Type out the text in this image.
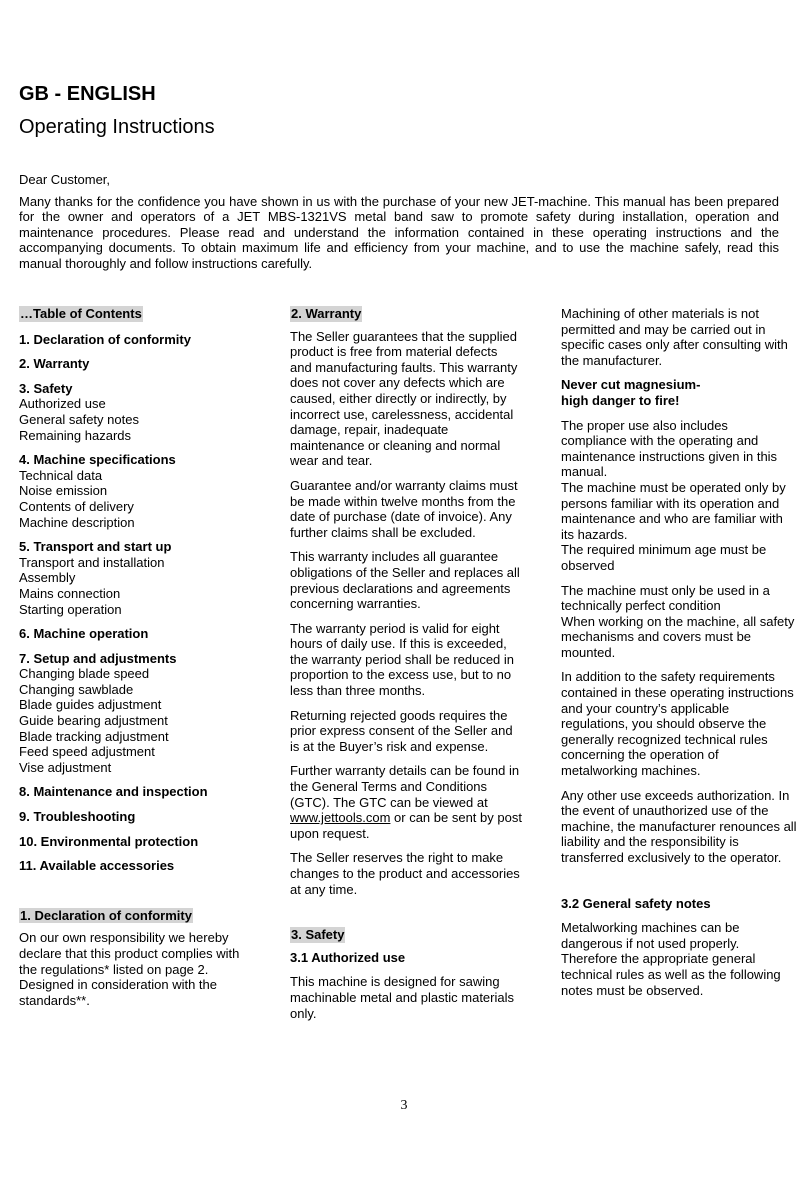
GB - ENGLISH
Operating Instructions

Dear Customer,

Many thanks for the confidence you have shown in us with the purchase of your new JET-machine. This manual has been prepared for the owner and operators of a JET MBS-1321VS metal band saw to promote safety during installation, operation and maintenance procedures. Please read and understand the information contained in these operating instructions and the accompanying documents. To obtain maximum life and efficiency from your machine, and to use the machine safely, read this manual thoroughly and follow instructions carefully.

…Table of Contents
1. Declaration of conformity
2. Warranty
3. Safety
Authorized use
General safety notes
Remaining hazards
4. Machine specifications
Technical data
Noise emission
Contents of delivery
Machine description
5. Transport and start up
Transport and installation
Assembly
Mains connection
Starting operation
6. Machine operation
7. Setup and adjustments
Changing blade speed
Changing sawblade
Blade guides adjustment
Guide bearing adjustment
Blade tracking adjustment
Feed speed adjustment
Vise adjustment
8. Maintenance and inspection
9. Troubleshooting
10. Environmental protection
11. Available accessories
1. Declaration of conformity

On our own responsibility we hereby declare that this product complies with the regulations* listed on page 2. Designed in consideration with the standards**.

2. Warranty

The Seller guarantees that the supplied product is free from material defects and manufacturing faults. This warranty does not cover any defects which are caused, either directly or indirectly, by incorrect use, carelessness, accidental damage, repair, inadequate maintenance or cleaning and normal wear and tear.

Guarantee and/or warranty claims must be made within twelve months from the date of purchase (date of invoice). Any further claims shall be excluded.

This warranty includes all guarantee obligations of the Seller and replaces all previous declarations and agreements concerning warranties.

The warranty period is valid for eight hours of daily use. If this is exceeded, the warranty period shall be reduced in proportion to the excess use, but to no less than three months.

Returning rejected goods requires the prior express consent of the Seller and is at the Buyer’s risk and expense.

Further warranty details can be found in the General Terms and Conditions (GTC). The GTC can be viewed at www.jettools.com or can be sent by post upon request.

The Seller reserves the right to make changes to the product and accessories at any time.

3. Safety

3.1 Authorized use

This machine is designed for sawing machinable metal and plastic materials only.

Machining of other materials is not permitted and may be carried out in specific cases only after consulting with the manufacturer.

Never cut magnesium-
high danger to fire!

The proper use also includes compliance with the operating and maintenance instructions given in this manual.
The machine must be operated only by persons familiar with its operation and maintenance and who are familiar with its hazards.
The required minimum age must be observed

The machine must only be used in a technically perfect condition
When working on the machine, all safety mechanisms and covers must be mounted.

In addition to the safety requirements contained in these operating instructions and your country’s applicable regulations, you should observe the generally recognized technical rules concerning the operation of metalworking machines.

Any other use exceeds authorization. In the event of unauthorized use of the machine, the manufacturer renounces all liability and the responsibility is transferred exclusively to the operator.

3.2 General safety notes

Metalworking machines can be dangerous if not used properly. Therefore the appropriate general technical rules as well as the following notes must be observed.

3
